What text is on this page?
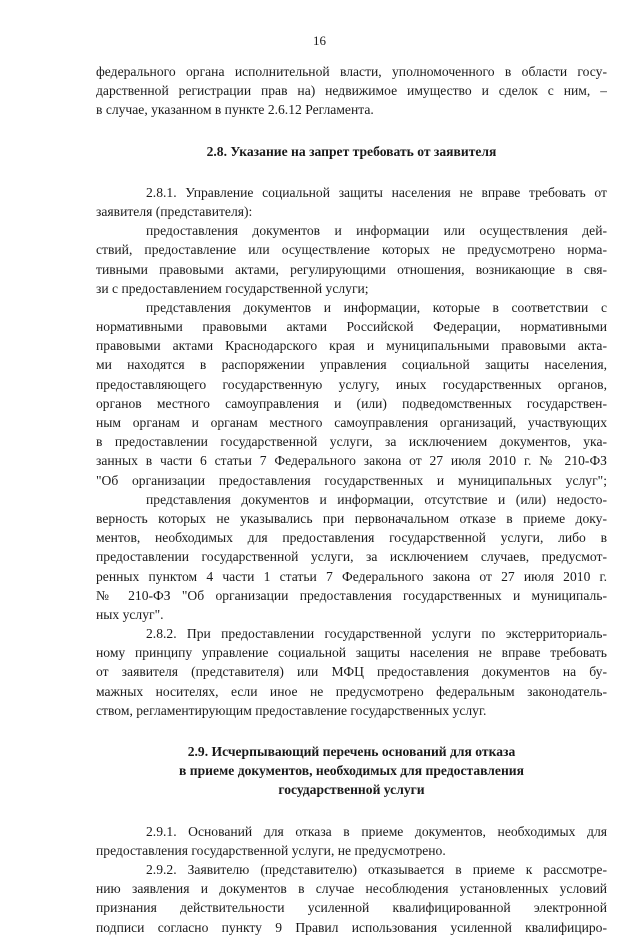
16
федерального органа исполнительной власти, уполномоченного в области госу-
дарственной регистрации прав на) недвижимое имущество и сделок с ним, –
в случае, указанном в пункте 2.6.12 Регламента.
2.8. Указание на запрет требовать от заявителя
2.8.1. Управление социальной защиты населения не вправе требовать от
заявителя (представителя):
предоставления документов и информации или осуществления дей-
ствий, предоставление или осуществление которых не предусмотрено норма-
тивными правовыми актами, регулирующими отношения, возникающие в свя-
зи с предоставлением государственной услуги;
представления документов и информации, которые в соответствии с
нормативными правовыми актами Российской Федерации, нормативными
правовыми актами Краснодарского края и муниципальными правовыми акта-
ми находятся в распоряжении управления социальной защиты населения,
предоставляющего государственную услугу, иных государственных органов,
органов местного самоуправления и (или) подведомственных государствен-
ным органам и органам местного самоуправления организаций, участвующих
в предоставлении государственной услуги, за исключением документов, ука-
занных в части 6 статьи 7 Федерального закона от 27 июля 2010 г. № 210-ФЗ
"Об организации предоставления государственных и муниципальных услуг";
представления документов и информации, отсутствие и (или) недосто-
верность которых не указывались при первоначальном отказе в приеме доку-
ментов, необходимых для предоставления государственной услуги, либо в
предоставлении государственной услуги, за исключением случаев, предусмот-
ренных пунктом 4 части 1 статьи 7 Федерального закона от 27 июля 2010 г.
№ 210-ФЗ "Об организации предоставления государственных и муниципаль-
ных услуг".
2.8.2. При предоставлении государственной услуги по экстерриториаль-
ному принципу управление социальной защиты населения не вправе требовать
от заявителя (представителя) или МФЦ предоставления документов на бу-
мажных носителях, если иное не предусмотрено федеральным законодатель-
ством, регламентирующим предоставление государственных услуг.
2.9. Исчерпывающий перечень оснований для отказа
в приеме документов, необходимых для предоставления
государственной услуги
2.9.1. Оснований для отказа в приеме документов, необходимых для
предоставления государственной услуги, не предусмотрено.
2.9.2. Заявителю (представителю) отказывается в приеме к рассмотре-
нию заявления и документов в случае несоблюдения установленных условий
признания действительности усиленной квалифицированной электронной
подписи согласно пункту 9 Правил использования усиленной квалифициро-
